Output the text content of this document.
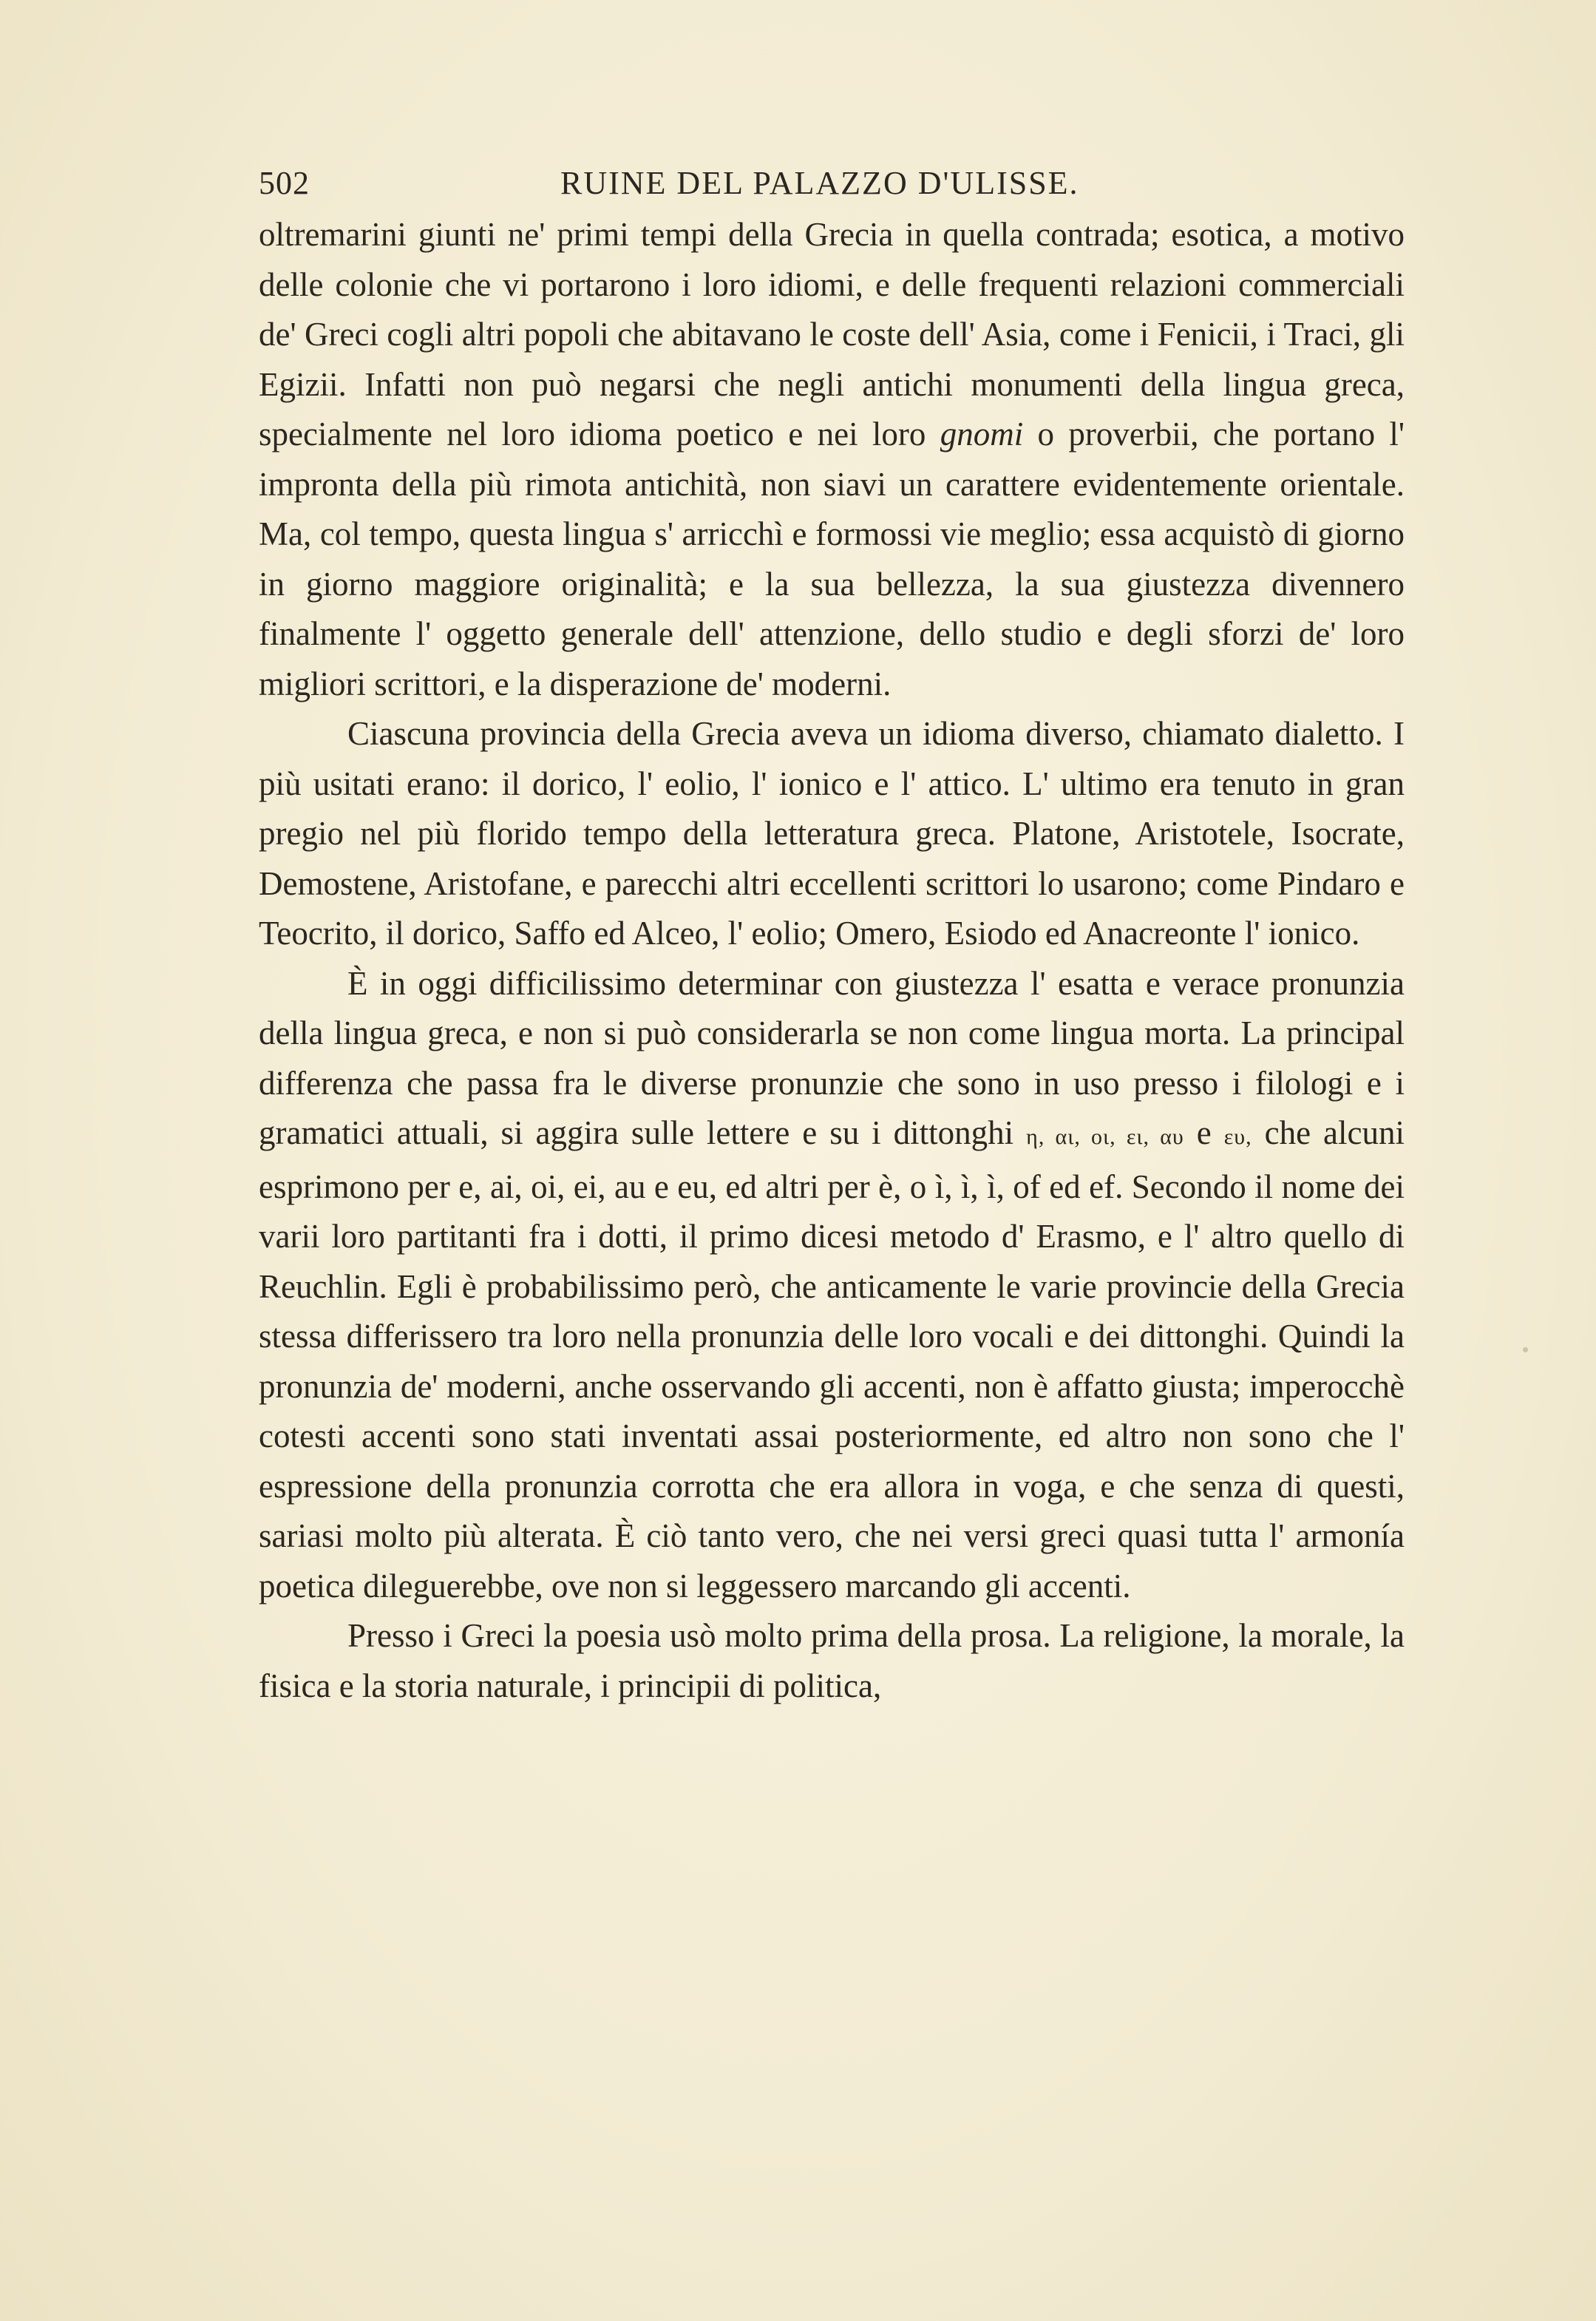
502	RUINE DEL PALAZZO D'ULISSE.

oltremarini giunti ne' primi tempi della Grecia in quella contrada; esotica, a motivo delle colonie che vi portarono i loro idiomi, e delle frequenti relazioni commerciali de' Greci cogli altri popoli che abitavano le coste dell' Asia, come i Fenicii, i Traci, gli Egizii. Infatti non può negarsi che negli antichi monumenti della lingua greca, specialmente nel loro idioma poetico e nei loro gnomi o proverbii, che portano l' impronta della più rimota antichità, non siavi un carattere evidentemente orientale. Ma, col tempo, questa lingua s' arricchì e formossi vie meglio; essa acquistò di giorno in giorno maggiore originalità; e la sua bellezza, la sua giustezza divennero finalmente l' oggetto generale dell' attenzione, dello studio e degli sforzi de' loro migliori scrittori, e la disperazione de' moderni.

Ciascuna provincia della Grecia aveva un idioma diverso, chiamato dialetto. I più usitati erano: il dorico, l' eolio, l' ionico e l' attico. L' ultimo era tenuto in gran pregio nel più florido tempo della letteratura greca. Platone, Aristotele, Isocrate, Demostene, Aristofane, e parecchi altri eccellenti scrittori lo usarono; come Pindaro e Teocrito, il dorico, Saffo ed Alceo, l' eolio; Omero, Esiodo ed Anacreonte l' ionico.

È in oggi difficilissimo determinar con giustezza l' esatta e verace pronunzia della lingua greca, e non si può considerarla se non come lingua morta. La principal differenza che passa fra le diverse pronunzie che sono in uso presso i filologi e i gramatici attuali, si aggira sulle lettere e su i dittonghi η, αι, οι, ει, αυ e ευ, che alcuni esprimono per e, ai, oi, ei, au e eu, ed altri per è, o ì, ì, ì, of ed ef. Secondo il nome dei varii loro partitanti fra i dotti, il primo dicesi metodo d' Erasmo, e l' altro quello di Reuchlin. Egli è probabilissimo però, che anticamente le varie provincie della Grecia stessa differissero tra loro nella pronunzia delle loro vocali e dei dittonghi. Quindi la pronunzia de' moderni, anche osservando gli accenti, non è affatto giusta; imperocchè cotesti accenti sono stati inventati assai posteriormente, ed altro non sono che l' espressione della pronunzia corrotta che era allora in voga, e che senza di questi, sariasi molto più alterata. È ciò tanto vero, che nei versi greci quasi tutta l' armonía poetica dileguerebbe, ove non si leggessero marcando gli accenti.

Presso i Greci la poesia usò molto prima della prosa. La religione, la morale, la fisica e la storia naturale, i principii di politica,
